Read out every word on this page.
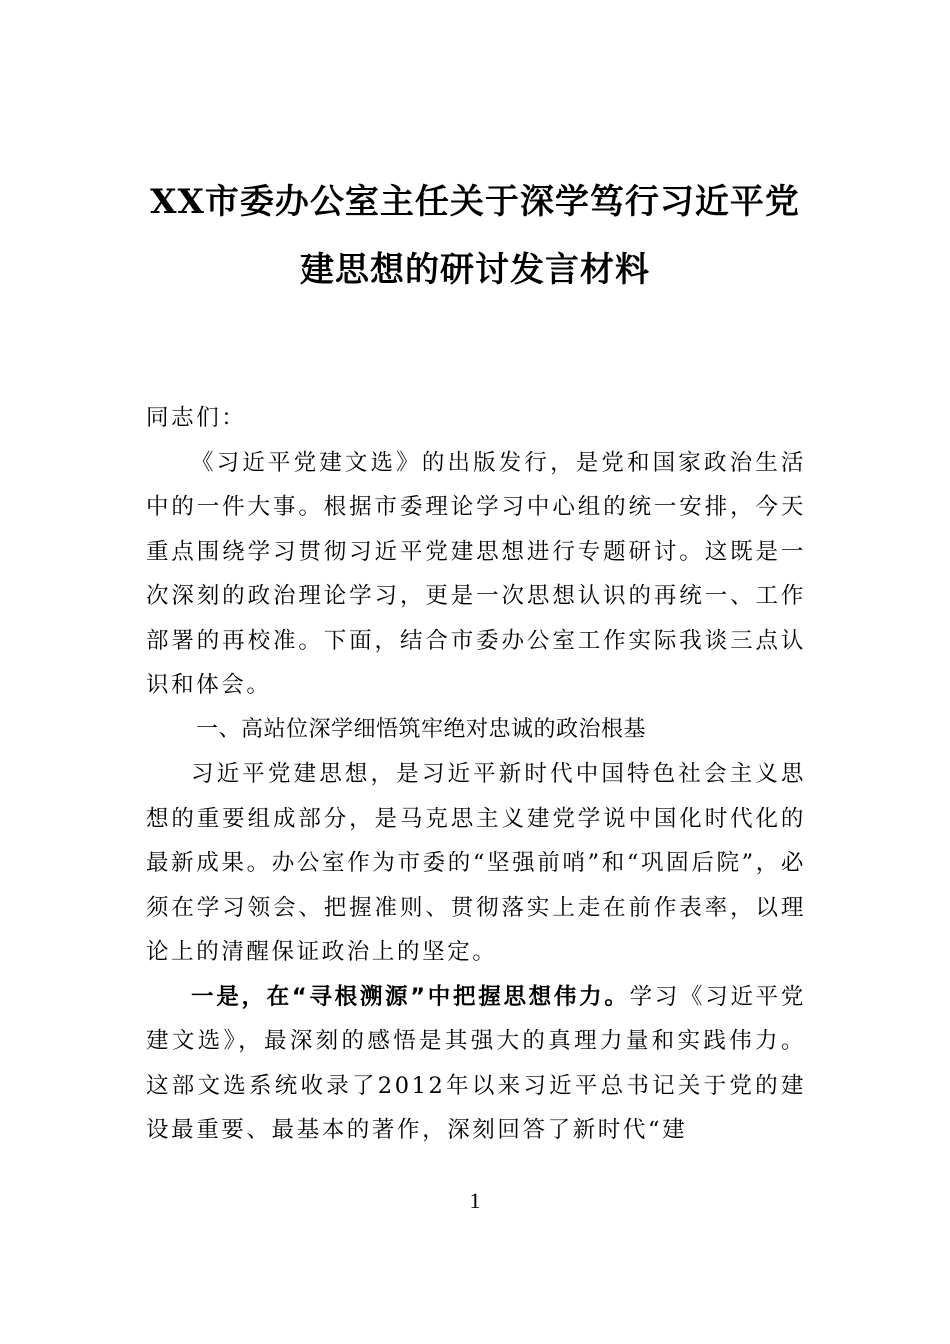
XX市委办公室主任关于深学笃行习近平党
建思想的研讨发言材料

同志们：

《习近平党建文选》的出版发行，是党和国家政治生活中的一件大事。根据市委理论学习中心组的统一安排，今天重点围绕学习贯彻习近平党建思想进行专题研讨。这既是一次深刻的政治理论学习，更是一次思想认识的再统一、工作部署的再校准。下面，结合市委办公室工作实际我谈三点认识和体会。

一、高站位深学细悟筑牢绝对忠诚的政治根基

习近平党建思想，是习近平新时代中国特色社会主义思想的重要组成部分，是马克思主义建党学说中国化时代化的最新成果。办公室作为市委的“坚强前哨”和“巩固后院”，必须在学习领会、把握准则、贯彻落实上走在前作表率，以理论上的清醒保证政治上的坚定。

一是，在“寻根溯源”中把握思想伟力。学习《习近平党建文选》，最深刻的感悟是其强大的真理力量和实践伟力。这部文选系统收录了2012年以来习近平总书记关于党的建设最重要、最基本的著作，深刻回答了新时代“建

1
